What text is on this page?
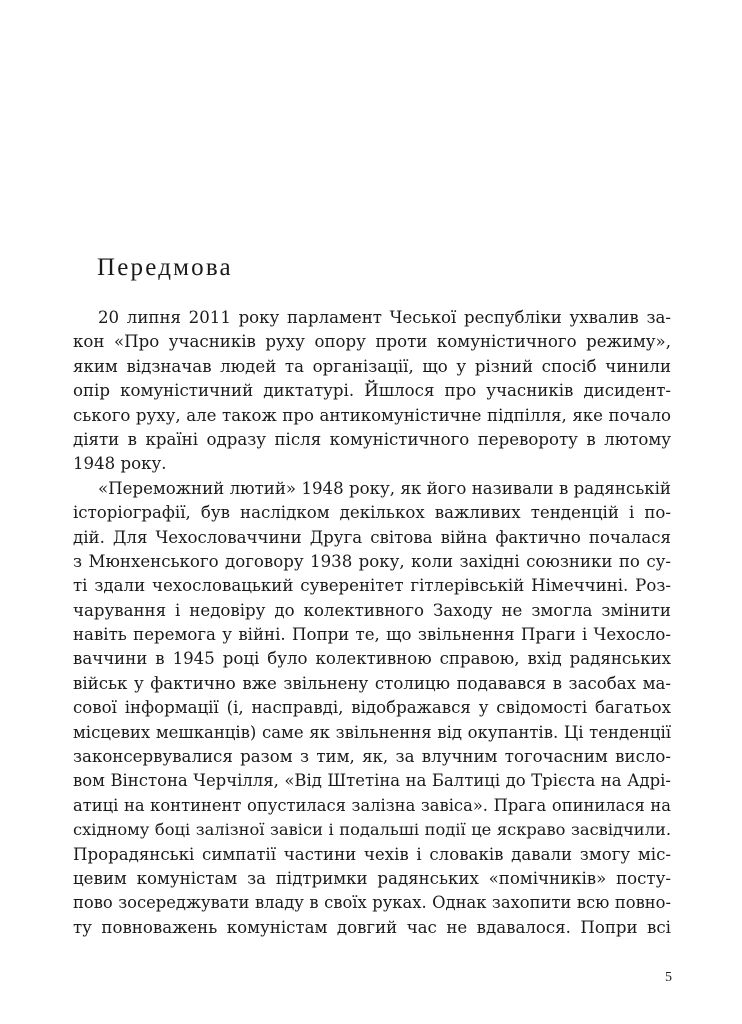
Передмова
20 липня 2011 року парламент Чеської республіки ухвалив за-
кон «Про учасників руху опору проти комуністичного режиму»,
яким відзначав людей та організації, що у різний спосіб чинили
опір комуністичний диктатурі. Йшлося про учасників дисидент-
ського руху, але також про антикомуністичне підпілля, яке почало
діяти в країні одразу після комуністичного перевороту в лютому
1948 року.
«Переможний лютий» 1948 року, як його називали в радянській
історіографії, був наслідком декількох важливих тенденцій і по-
дій. Для Чехословаччини Друга світова війна фактично почалася
з Мюнхенського договору 1938 року, коли західні союзники по су-
ті здали чехословацький суверенітет гітлерівській Німеччині. Роз-
чарування і недовіру до колективного Заходу не змогла змінити
навіть перемога у війні. Попри те, що звільнення Праги і Чехосло-
ваччини в 1945 році було колективною справою, вхід радянських
військ у фактично вже звільнену столицю подавався в засобах ма-
сової інформації (і, насправді, відображався у свідомості багатьох
місцевих мешканців) саме як звільнення від окупантів. Ці тенденції
законсервувалися разом з тим, як, за влучним тогочасним висло-
вом Вінстона Черчілля, «Від Штетіна на Балтиці до Трієста на Адрі-
атиці на континент опустилася залізна завіса». Прага опинилася на
східному боці залізної завіси і подальші події це яскраво засвідчили.
Прорадянські симпатії частини чехів і словаків давали змогу міс-
цевим комуністам за підтримки радянських «помічників» посту-
пово зосереджувати владу в своїх руках. Однак захопити всю повно-
ту повноважень комуністам довгий час не вдавалося. Попри всі
5
